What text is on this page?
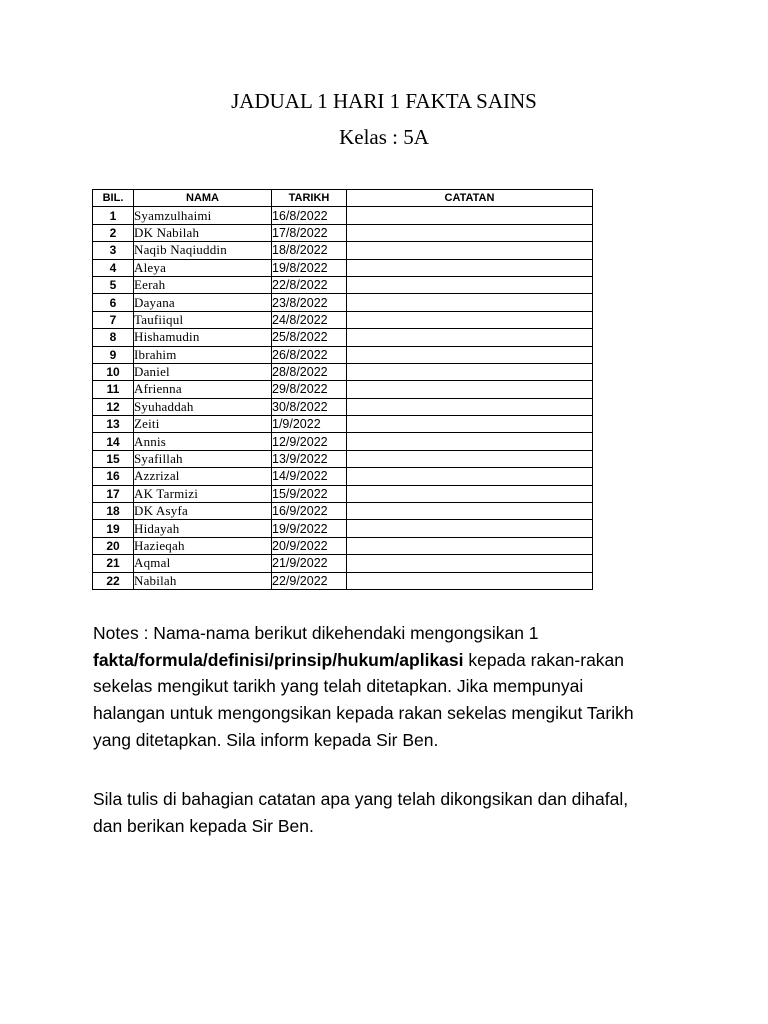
JADUAL 1 HARI 1 FAKTA SAINS
Kelas : 5A
BIL.	NAMA	TARIKH	CATATAN
1	Syamzulhaimi	16/8/2022	
2	DK Nabilah	17/8/2022	
3	Naqib Naqiuddin	18/8/2022	
4	Aleya	19/8/2022	
5	Eerah	22/8/2022	
6	Dayana	23/8/2022	
7	Taufiiqul	24/8/2022	
8	Hishamudin	25/8/2022	
9	Ibrahim	26/8/2022	
10	Daniel	28/8/2022	
11	Afrienna	29/8/2022	
12	Syuhaddah	30/8/2022	
13	Zeiti	1/9/2022	
14	Annis	12/9/2022	
15	Syafillah	13/9/2022	
16	Azzrizal	14/9/2022	
17	AK Tarmizi	15/9/2022	
18	DK Asyfa	16/9/2022	
19	Hidayah	19/9/2022	
20	Hazieqah	20/9/2022	
21	Aqmal	21/9/2022	
22	Nabilah	22/9/2022	

Notes : Nama-nama berikut dikehendaki mengongsikan 1
fakta/formula/definisi/prinsip/hukum/aplikasi kepada rakan-rakan
sekelas mengikut tarikh yang telah ditetapkan. Jika mempunyai
halangan untuk mengongsikan kepada rakan sekelas mengikut Tarikh
yang ditetapkan. Sila inform kepada Sir Ben.

Sila tulis di bahagian catatan apa yang telah dikongsikan dan dihafal,
dan berikan kepada Sir Ben.
